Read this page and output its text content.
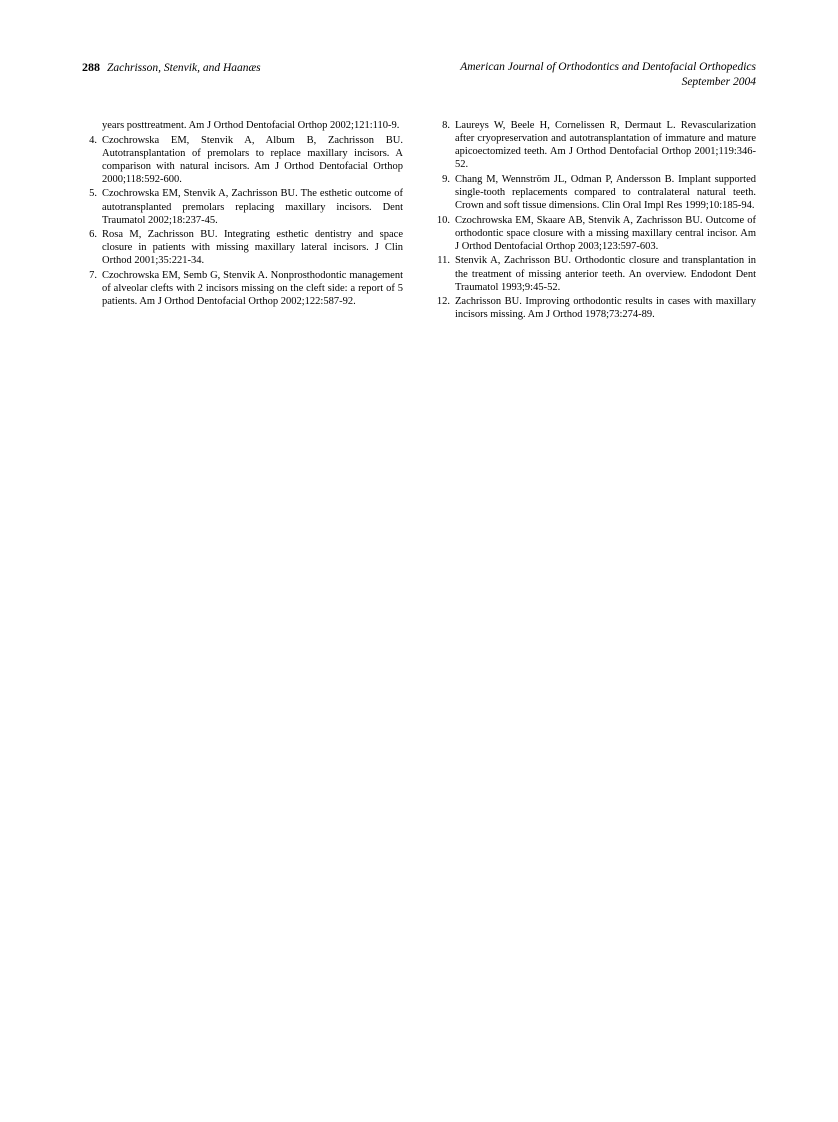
288 Zachrisson, Stenvik, and Haanæs	American Journal of Orthodontics and Dentofacial Orthopedics
September 2004
years posttreatment. Am J Orthod Dentofacial Orthop 2002;121:110-9.
4. Czochrowska EM, Stenvik A, Album B, Zachrisson BU. Autotransplantation of premolars to replace maxillary incisors. A comparison with natural incisors. Am J Orthod Dentofacial Orthop 2000;118:592-600.
5. Czochrowska EM, Stenvik A, Zachrisson BU. The esthetic outcome of autotransplanted premolars replacing maxillary incisors. Dent Traumatol 2002;18:237-45.
6. Rosa M, Zachrisson BU. Integrating esthetic dentistry and space closure in patients with missing maxillary lateral incisors. J Clin Orthod 2001;35:221-34.
7. Czochrowska EM, Semb G, Stenvik A. Nonprosthodontic management of alveolar clefts with 2 incisors missing on the cleft side: a report of 5 patients. Am J Orthod Dentofacial Orthop 2002;122:587-92.
8. Laureys W, Beele H, Cornelissen R, Dermaut L. Revascularization after cryopreservation and autotransplantation of immature and mature apicoectomized teeth. Am J Orthod Dentofacial Orthop 2001;119:346-52.
9. Chang M, Wennström JL, Odman P, Andersson B. Implant supported single-tooth replacements compared to contralateral natural teeth. Crown and soft tissue dimensions. Clin Oral Impl Res 1999;10:185-94.
10. Czochrowska EM, Skaare AB, Stenvik A, Zachrisson BU. Outcome of orthodontic space closure with a missing maxillary central incisor. Am J Orthod Dentofacial Orthop 2003;123:597-603.
11. Stenvik A, Zachrisson BU. Orthodontic closure and transplantation in the treatment of missing anterior teeth. An overview. Endodont Dent Traumatol 1993;9:45-52.
12. Zachrisson BU. Improving orthodontic results in cases with maxillary incisors missing. Am J Orthod 1978;73:274-89.
